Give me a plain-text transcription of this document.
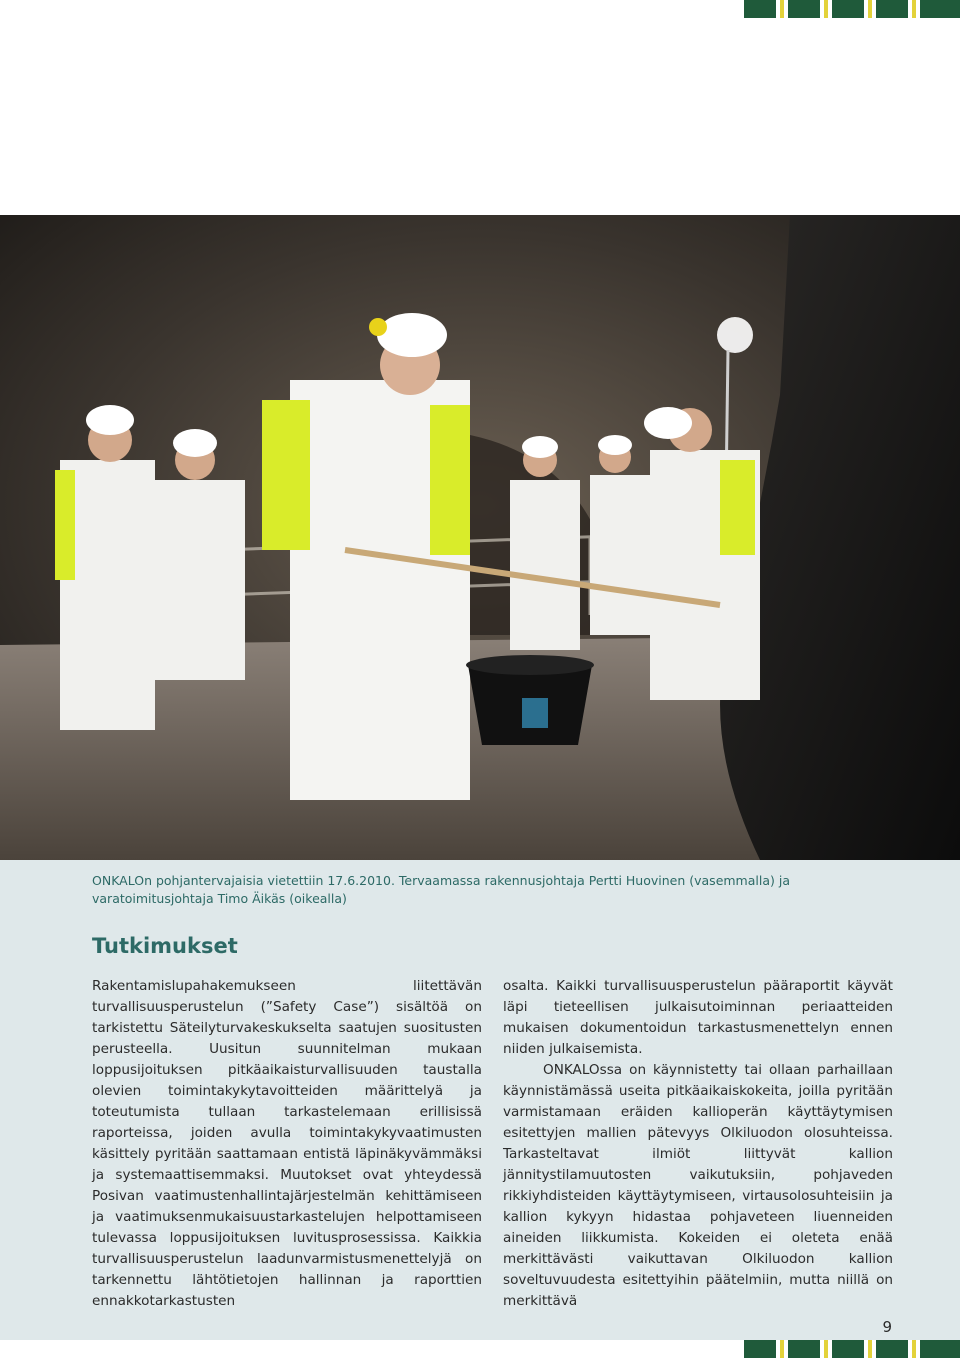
ONKALOn pohjantervajaisia vietettiin 17.6.2010. Tervaamassa rakennusjohtaja Pertti Huovinen (vasemmalla) ja varatoimitusjohtaja Timo Äikäs (oikealla)
Tutkimukset

Rakentamislupahakemukseen liitettävän turvallisuusperustelun (”Safety Case”) sisältöä on tarkistettu Säteilyturvakeskukselta saatujen suositusten perusteella. Uusitun suunnitelman mukaan loppusijoituksen pitkäaikaisturvallisuuden taustalla olevien toimintakykytavoitteiden määrittelyä ja toteutumista tullaan tarkastelemaan erillisissä raporteissa, joiden avulla toimintakykyvaatimusten käsittely pyritään saattamaan entistä läpinäkyvämmäksi ja systemaattisemmaksi. Muutokset ovat yhteydessä Posivan vaatimustenhallintajärjestelmän kehittämiseen ja vaatimuksenmukaisuustarkastelujen helpottamiseen tulevassa loppusijoituksen luvitusprosessissa. Kaikkia turvallisuusperustelun laadunvarmistusmenettelyjä on tarkennettu lähtötietojen hallinnan ja raporttien ennakkotarkastusten

osalta. Kaikki turvallisuusperustelun pääraportit käyvät läpi tieteellisen julkaisutoiminnan periaatteiden mukaisen dokumentoidun tarkastusmenettelyn ennen niiden julkaisemista.

ONKALOssa on käynnistetty tai ollaan parhaillaan käynnistämässä useita pitkäaikaiskokeita, joilla pyritään varmistamaan eräiden kallioperän käyttäytymisen esitettyjen mallien pätevyys Olkiluodon olosuhteissa. Tarkasteltavat ilmiöt liittyvät kallion jännitystilamuutosten vaikutuksiin, pohjaveden rikkiyhdisteiden käyttäytymiseen, virtausolosuhteisiin ja kallion kykyyn hidastaa pohjaveteen liuenneiden aineiden liikkumista. Kokeiden ei oleteta enää merkittävästi vaikuttavan Olkiluodon kallion soveltuvuudesta esitettyihin päätelmiin, mutta niillä on merkittävä

9
